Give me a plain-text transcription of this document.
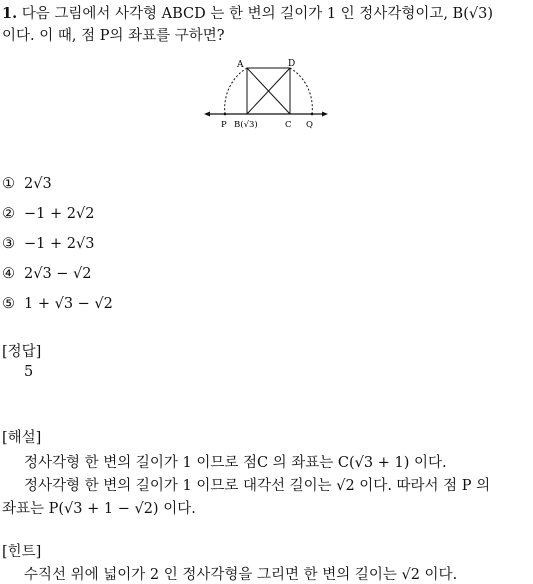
1. 다음 그림에서 사각형 ABCD 는 한 변의 길이가 1 인 정사각형이고, B(√3)
이다. 이 때, 점 P의 좌표를 구하면?
A	D
P B(√3)	C Q
① 2√3
② −1 + 2√2
③ −1 + 2√3
④ 2√3 − √2
⑤ 1 + √3 − √2
[정답]
5
[해설]
정사각형 한 변의 길이가 1 이므로 점C 의 좌표는 C(√3 + 1) 이다.
정사각형 한 변의 길이가 1 이므로 대각선 길이는 √2 이다. 따라서 점 P 의
좌표는 P(√3 + 1 − √2) 이다.
[힌트]
수직선 위에 넓이가 2 인 정사각형을 그리면 한 변의 길이는 √2 이다.
